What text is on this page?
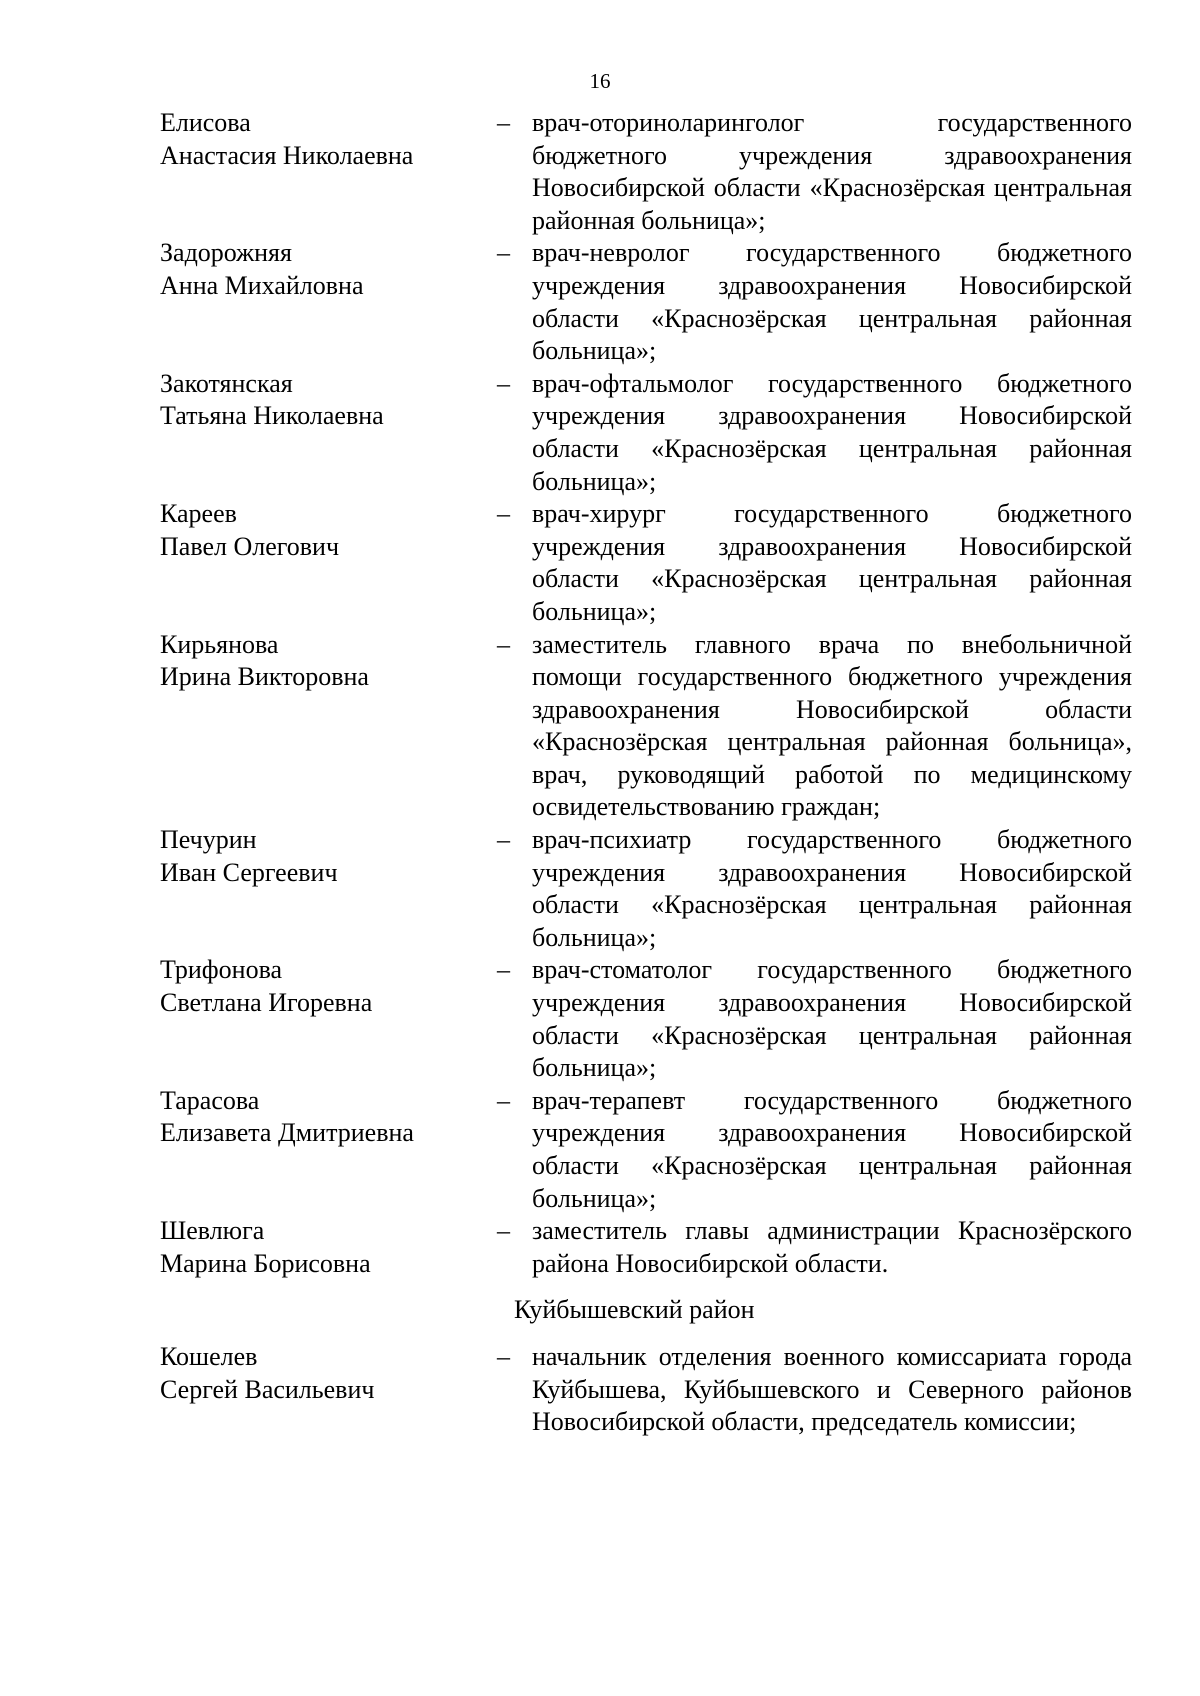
16
Елисова
Анастасия Николаевна
– врач-оториноларинголог государственного бюджетного учреждения здравоохранения Новосибирской области «Краснозёрская центральная районная больница»;
Задорожняя
Анна Михайловна
– врач-невролог государственного бюджетного учреждения здравоохранения Новосибирской области «Краснозёрская центральная районная больница»;
Закотянская
Татьяна Николаевна
– врач-офтальмолог государственного бюджетного учреждения здравоохранения Новосибирской области «Краснозёрская центральная районная больница»;
Кареев
Павел Олегович
– врач-хирург государственного бюджетного учреждения здравоохранения Новосибирской области «Краснозёрская центральная районная больница»;
Кирьянова
Ирина Викторовна
– заместитель главного врача по внебольничной помощи государственного бюджетного учреждения здравоохранения Новосибирской области «Краснозёрская центральная районная больница», врач, руководящий работой по медицинскому освидетельствованию граждан;
Печурин
Иван Сергеевич
– врач-психиатр государственного бюджетного учреждения здравоохранения Новосибирской области «Краснозёрская центральная районная больница»;
Трифонова
Светлана Игоревна
– врач-стоматолог государственного бюджетного учреждения здравоохранения Новосибирской области «Краснозёрская центральная районная больница»;
Тарасова
Елизавета Дмитриевна
– врач-терапевт государственного бюджетного учреждения здравоохранения Новосибирской области «Краснозёрская центральная районная больница»;
Шевлюга
Марина Борисовна
– заместитель главы администрации Краснозёрского района Новосибирской области.
Куйбышевский район
Кошелев
Сергей Васильевич
– начальник отделения военного комиссариата города Куйбышева, Куйбышевского и Северного районов Новосибирской области, председатель комиссии;
